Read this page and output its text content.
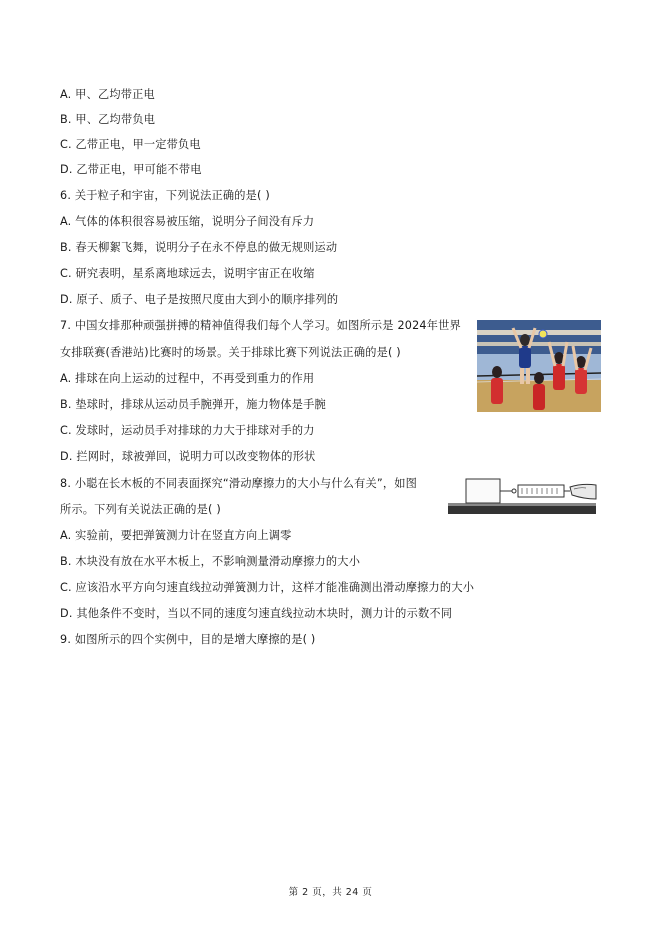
A. 甲、乙均带正电
B. 甲、乙均带负电
C. 乙带正电，甲一定带负电
D. 乙带正电，甲可能不带电
6. 关于粒子和宇宙，下列说法正确的是( )
A. 气体的体积很容易被压缩，说明分子间没有斥力
B. 春天柳絮飞舞，说明分子在永不停息的做无规则运动
C. 研究表明，星系离地球远去，说明宇宙正在收缩
D. 原子、质子、电子是按照尺度由大到小的顺序排列的
7. 中国女排那种顽强拼搏的精神值得我们每个人学习。如图所示是 2024年世界
女排联赛(香港站)比赛时的场景。关于排球比赛下列说法正确的是( )
A. 排球在向上运动的过程中，不再受到重力的作用
B. 垫球时，排球从运动员手腕弹开，施力物体是手腕
C. 发球时，运动员手对排球的力大于排球对手的力
D. 拦网时，球被弹回，说明力可以改变物体的形状
8. 小聪在长木板的不同表面探究“滑动摩擦力的大小与什么有关”，如图
所示。下列有关说法正确的是( )
A. 实验前，要把弹簧测力计在竖直方向上调零
B. 木块没有放在水平木板上，不影响测量滑动摩擦力的大小
C. 应该沿水平方向匀速直线拉动弹簧测力计，这样才能准确测出滑动摩擦力的大小
D. 其他条件不变时，当以不同的速度匀速直线拉动木块时，测力计的示数不同
9. 如图所示的四个实例中，目的是增大摩擦的是( )
第 2 页，共 24 页
